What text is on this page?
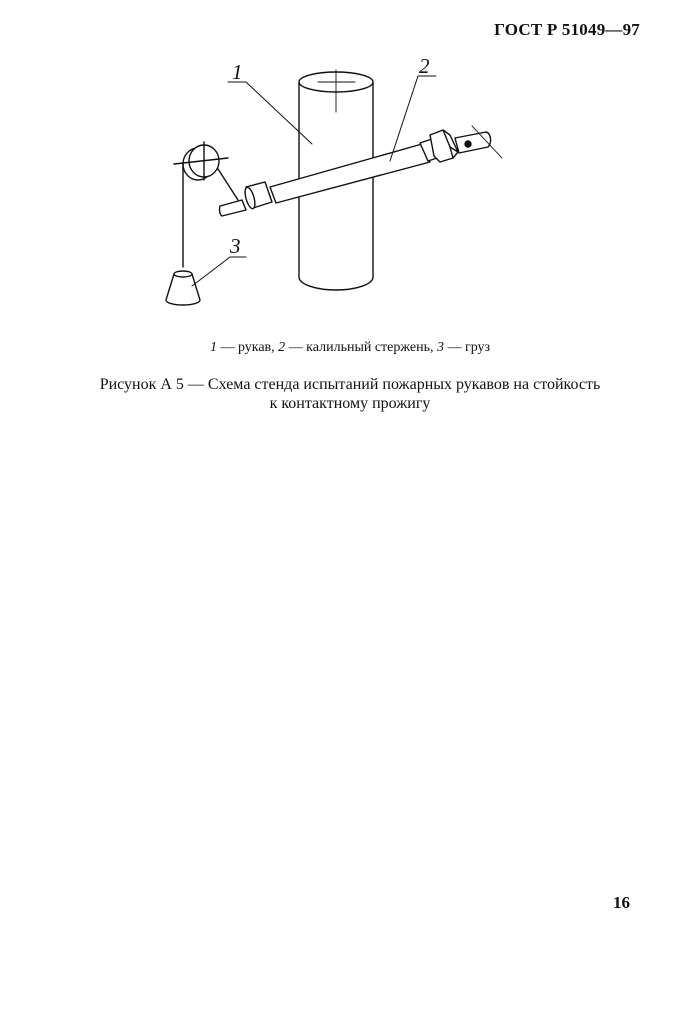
ГОСТ Р 51049—97
1	2
3
1 — рукав, 2 — калильный стержень, 3 — груз
Рисунок А 5 — Схема стенда испытаний пожарных рукавов на стойкость
к контактному прожигу
16
